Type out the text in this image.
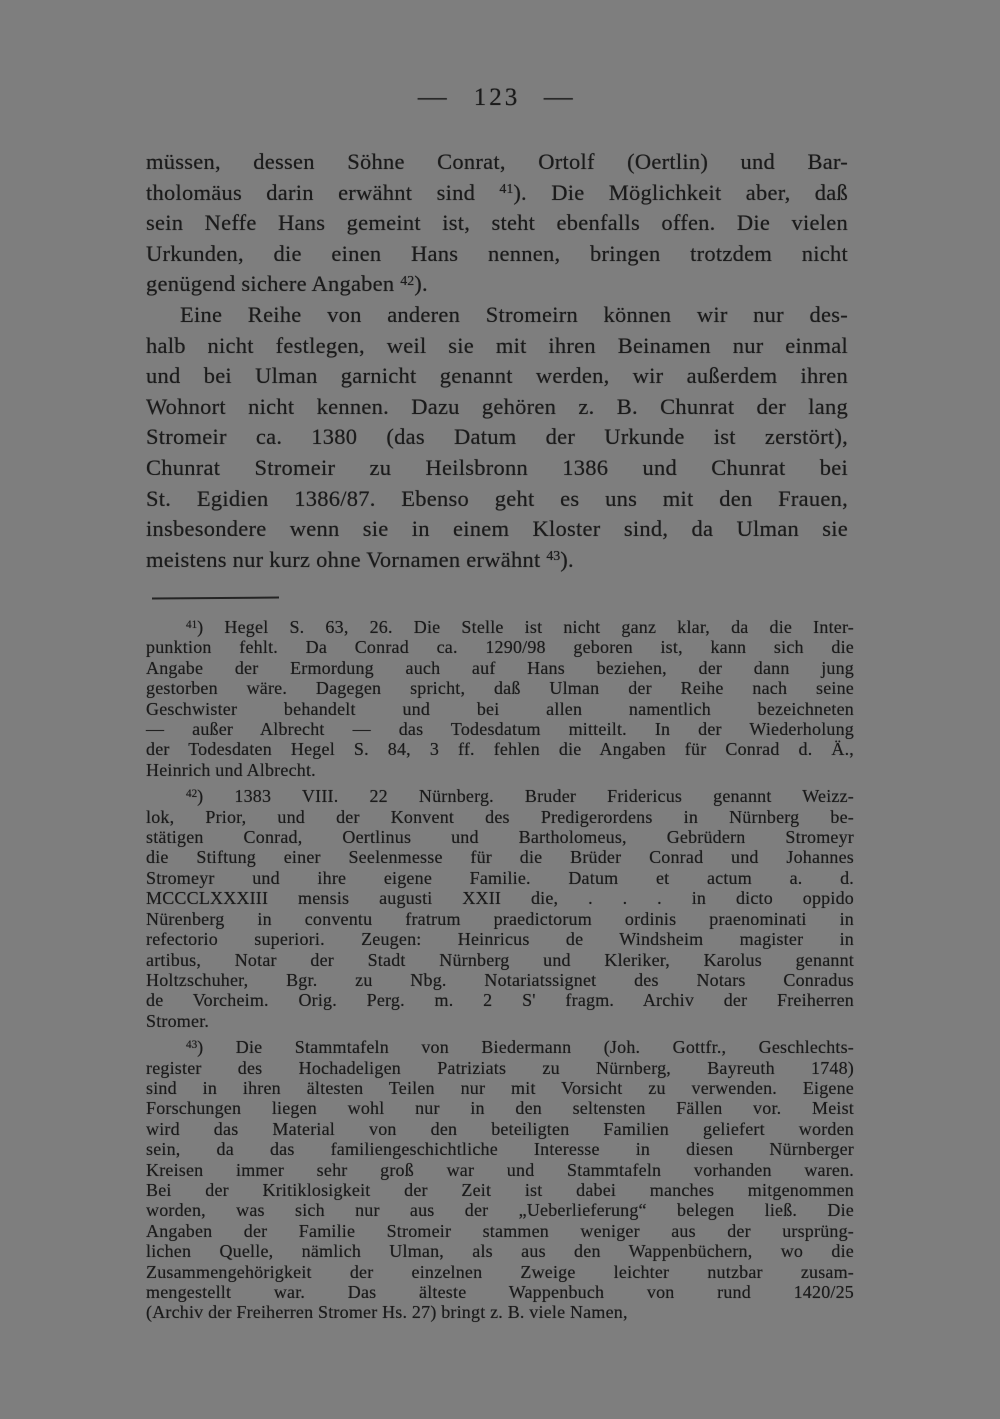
— 123 —
müssen, dessen Söhne Conrat, Ortolf (Oertlin) und Bar-
tholomäus darin erwähnt sind $^{41}$). Die Möglichkeit aber, daß
sein Neffe Hans gemeint ist, steht ebenfalls offen. Die vielen
Urkunden, die einen Hans nennen, bringen trotzdem nicht
genügend sichere Angaben $^{42}$).
Eine Reihe von anderen Stromeirn können wir nur des-
halb nicht festlegen, weil sie mit ihren Beinamen nur einmal
und bei Ulman garnicht genannt werden, wir außerdem ihren
Wohnort nicht kennen. Dazu gehören z. B. Chunrat der lang
Stromeir ca. 1380 (das Datum der Urkunde ist zerstört),
Chunrat Stromeir zu Heilsbronn 1386 und Chunrat bei
St. Egidien 1386/87. Ebenso geht es uns mit den Frauen,
insbesondere wenn sie in einem Kloster sind, da Ulman sie
meistens nur kurz ohne Vornamen erwähnt $^{43}$).
$^{41}$) Hegel S. 63, 26. Die Stelle ist nicht ganz klar, da die Inter-
punktion fehlt. Da Conrad ca. 1290/98 geboren ist, kann sich die
Angabe der Ermordung auch auf Hans beziehen, der dann jung
gestorben wäre. Dagegen spricht, daß Ulman der Reihe nach seine
Geschwister behandelt und bei allen namentlich bezeichneten
— außer Albrecht — das Todesdatum mitteilt. In der Wiederholung
der Todesdaten Hegel S. 84, 3 ff. fehlen die Angaben für Conrad d. Ä.,
Heinrich und Albrecht.
$^{42}$) 1383 VIII. 22 Nürnberg. Bruder Fridericus genannt Weizz-
lok, Prior, und der Konvent des Predigerordens in Nürnberg be-
stätigen Conrad, Oertlinus und Bartholomeus, Gebrüdern Stromeyr
die Stiftung einer Seelenmesse für die Brüder Conrad und Johannes
Stromeyr und ihre eigene Familie. Datum et actum a. d.
MCCCLXXXIII mensis augusti XXII die, . . . in dicto oppido
Nürenberg in conventu fratrum praedictorum ordinis praenominati in
refectorio superiori. Zeugen: Heinricus de Windsheim magister in
artibus, Notar der Stadt Nürnberg und Kleriker, Karolus genannt
Holtzschuher, Bgr. zu Nbg. Notariatssignet des Notars Conradus
de Vorcheim. Orig. Perg. m. 2 S' fragm. Archiv der Freiherren
Stromer.
$^{43}$) Die Stammtafeln von Biedermann (Joh. Gottfr., Geschlechts-
register des Hochadeligen Patriziats zu Nürnberg, Bayreuth 1748)
sind in ihren ältesten Teilen nur mit Vorsicht zu verwenden. Eigene
Forschungen liegen wohl nur in den seltensten Fällen vor. Meist
wird das Material von den beteiligten Familien geliefert worden
sein, da das familiengeschichtliche Interesse in diesen Nürnberger
Kreisen immer sehr groß war und Stammtafeln vorhanden waren.
Bei der Kritiklosigkeit der Zeit ist dabei manches mitgenommen
worden, was sich nur aus der „Ueberlieferung“ belegen ließ. Die
Angaben der Familie Stromeir stammen weniger aus der ursprüng-
lichen Quelle, nämlich Ulman, als aus den Wappenbüchern, wo die
Zusammengehörigkeit der einzelnen Zweige leichter nutzbar zusam-
mengestellt war. Das älteste Wappenbuch von rund 1420/25
(Archiv der Freiherren Stromer Hs. 27) bringt z. B. viele Namen,
